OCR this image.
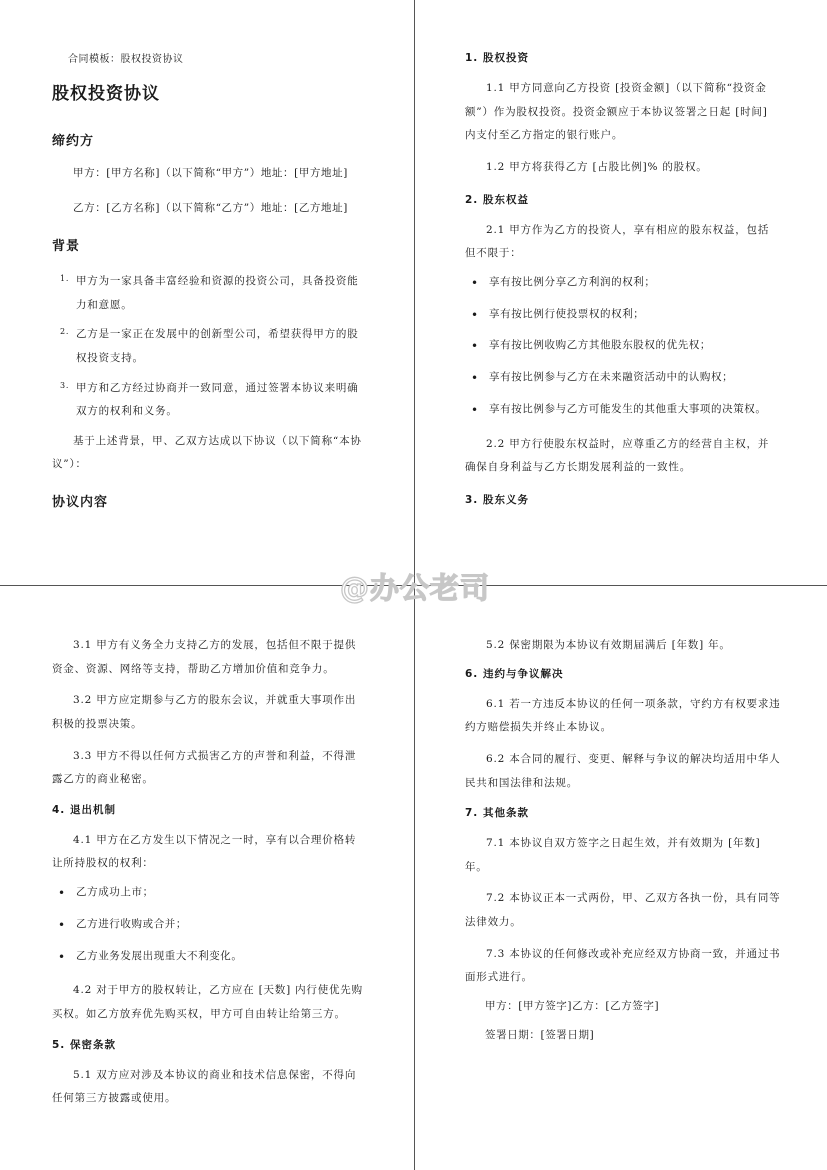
合同模板：股权投资协议
股权投资协议
缔约方
甲方：[甲方名称]（以下简称“甲方”）地址：[甲方地址]
乙方：[乙方名称]（以下简称“乙方”）地址：[乙方地址]
背景
1. 甲方为一家具备丰富经验和资源的投资公司，具备投资能力和意愿。
2. 乙方是一家正在发展中的创新型公司，希望获得甲方的股权投资支持。
3. 甲方和乙方经过协商并一致同意，通过签署本协议来明确双方的权利和义务。

基于上述背景，甲、乙双方达成以下协议（以下简称“本协议”）：

协议内容
1. 股权投资

1.1 甲方同意向乙方投资 [投资金额]（以下简称“投资金额”）作为股权投资。投资金额应于本协议签署之日起 [时间] 内支付至乙方指定的银行账户。

1.2 甲方将获得乙方 [占股比例]% 的股权。

2. 股东权益

2.1 甲方作为乙方的投资人，享有相应的股东权益，包括但不限于：

• 享有按比例分享乙方利润的权利；
• 享有按比例行使投票权的权利；
• 享有按比例收购乙方其他股东股权的优先权；
• 享有按比例参与乙方在未来融资活动中的认购权；
• 享有按比例参与乙方可能发生的其他重大事项的决策权。

2.2 甲方行使股东权益时，应尊重乙方的经营自主权，并确保自身利益与乙方长期发展利益的一致性。

3. 股东义务

3.1 甲方有义务全力支持乙方的发展，包括但不限于提供资金、资源、网络等支持，帮助乙方增加价值和竞争力。

3.2 甲方应定期参与乙方的股东会议，并就重大事项作出积极的投票决策。

3.3 甲方不得以任何方式损害乙方的声誉和利益，不得泄露乙方的商业秘密。

4. 退出机制

4.1 甲方在乙方发生以下情况之一时，享有以合理价格转让所持股权的权利：

• 乙方成功上市；
• 乙方进行收购或合并；
• 乙方业务发展出现重大不利变化。

4.2 对于甲方的股权转让，乙方应在 [天数] 内行使优先购买权。如乙方放弃优先购买权，甲方可自由转让给第三方。

5. 保密条款

5.1 双方应对涉及本协议的商业和技术信息保密，不得向任何第三方披露或使用。

5.2 保密期限为本协议有效期届满后 [年数] 年。

6. 违约与争议解决

6.1 若一方违反本协议的任何一项条款，守约方有权要求违约方赔偿损失并终止本协议。

6.2 本合同的履行、变更、解释与争议的解决均适用中华人民共和国法律和法规。

7. 其他条款

7.1 本协议自双方签字之日起生效，并有效期为 [年数] 年。

7.2 本协议正本一式两份，甲、乙双方各执一份，具有同等法律效力。

7.3 本协议的任何修改或补充应经双方协商一致，并通过书面形式进行。

甲方：[甲方签字]乙方：[乙方签字]
签署日期：[签署日期]
@办公老司
